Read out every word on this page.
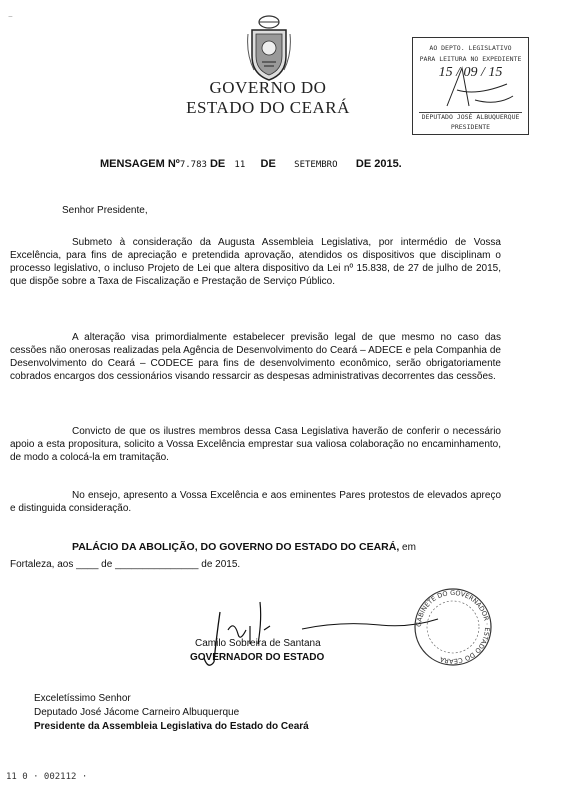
−
GOVERNO DO
ESTADO DO CEARÁ
AO DEPTO. LEGISLATIVO
PARA LEITURA NO EXPEDIENTE
15 / 09 / 15
DEPUTADO JOSÉ ALBUQUERQUE
PRESIDENTE
MENSAGEM Nº7.783 DE 11 DE SETEMBRO DE 2015.
Senhor Presidente,
Submeto à consideração da Augusta Assembleia Legislativa, por intermédio de Vossa Excelência, para fins de apreciação e pretendida aprovação, atendidos os dispositivos que disciplinam o processo legislativo, o incluso Projeto de Lei que altera dispositivo da Lei nº 15.838, de 27 de julho de 2015, que dispõe sobre a Taxa de Fiscalização e Prestação de Serviço Público.
A alteração visa primordialmente estabelecer previsão legal de que mesmo no caso das cessões não onerosas realizadas pela Agência de Desenvolvimento do Ceará – ADECE e pela Companhia de Desenvolvimento do Ceará – CODECE para fins de desenvolvimento econômico, serão obrigatoriamente cobrados encargos dos cessionários visando ressarcir as despesas administrativas decorrentes das cessões.
Convicto de que os ilustres membros dessa Casa Legislativa haverão de conferir o necessário apoio a esta propositura, solicito a Vossa Excelência emprestar sua valiosa colaboração no encaminhamento, de modo a colocá-la em tramitação.
No ensejo, apresento a Vossa Excelência e aos eminentes Pares protestos de elevados apreço e distinguida consideração.
PALÁCIO DA ABOLIÇÃO, DO GOVERNO DO ESTADO DO CEARÁ, em
Fortaleza, aos ____ de _______________ de 2015.
Camilo Sobreira de Santana
GOVERNADOR DO ESTADO
GABINETE DO GOVERNADOR · ESTADO DO CEARÁ
Exceletíssimo Senhor
Deputado José Jácome Carneiro Albuquerque
Presidente da Assembleia Legislativa do Estado do Ceará
11 0 · 002112 ·
